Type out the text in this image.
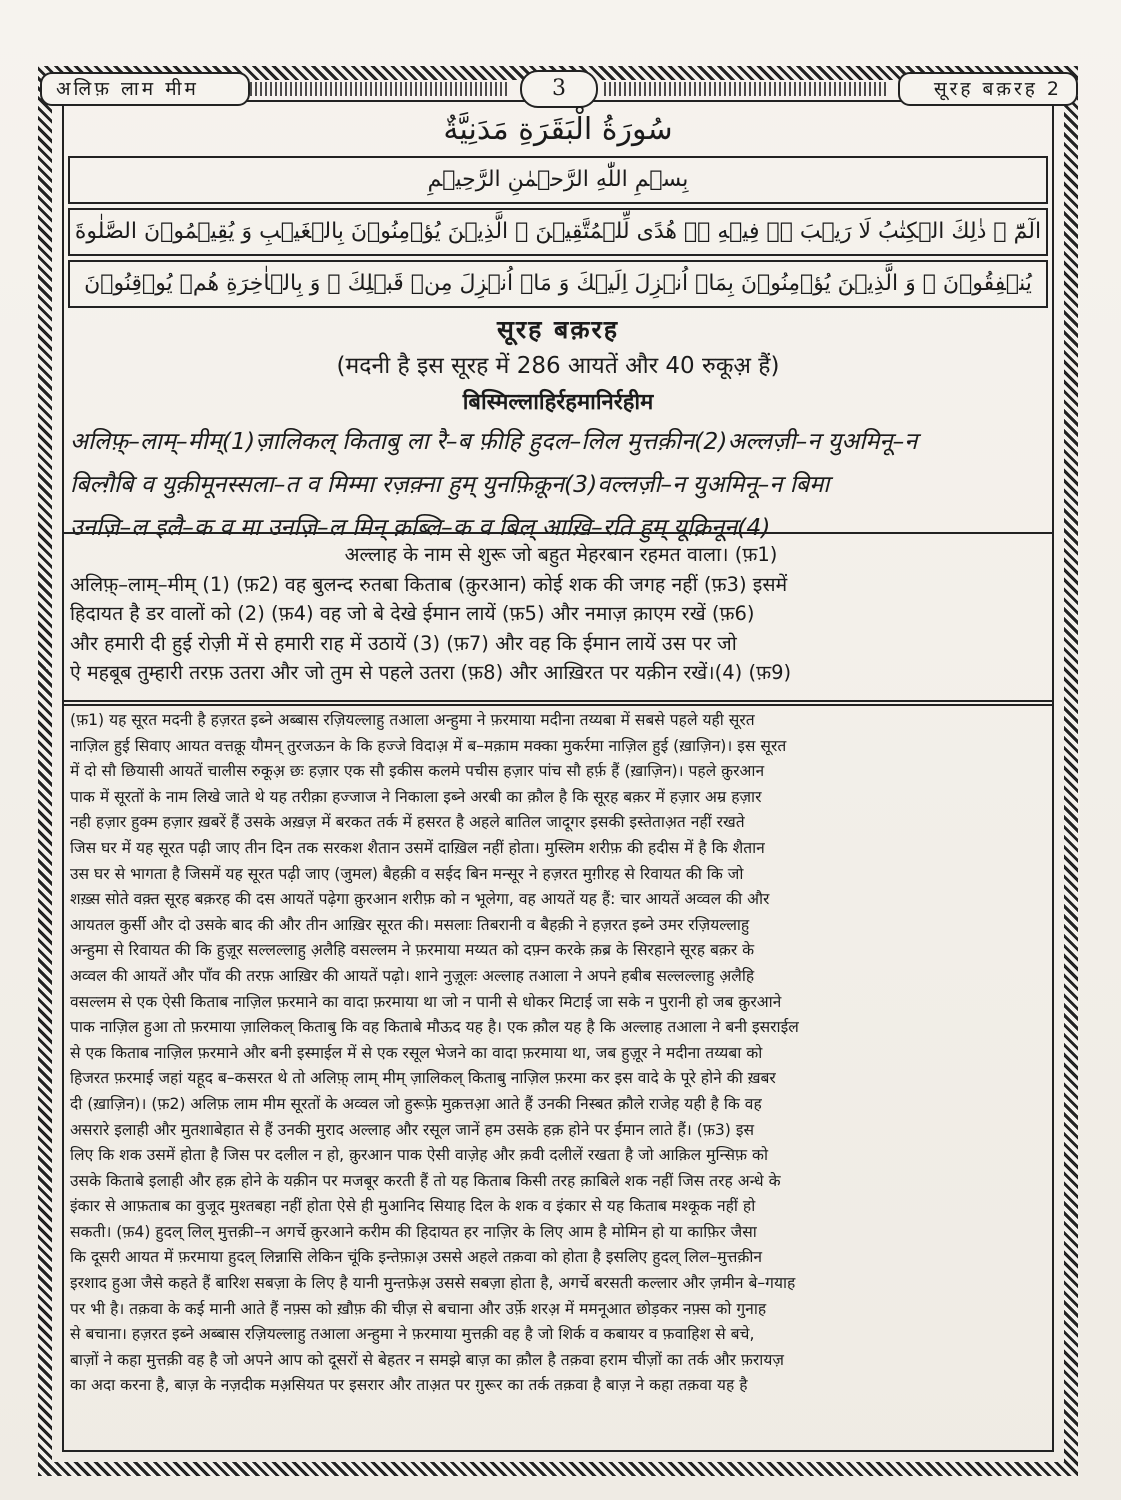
अलिफ़ लाम मीम	3	सूरह बक़रह 2
سُورَةُ الْبَقَرَةِ مَدَنِيَّةٌ
بِسۡمِ اللّٰهِ الرَّحۡمٰنِ الرَّحِیۡمِ
الٓمّٓ ۚ ذٰلِكَ الۡكِتٰبُ لَا رَیۡبَ ۛۚ فِیۡهِ ۛۚ هُدًی لِّلۡمُتَّقِیۡنَ ۙ الَّذِیۡنَ یُؤۡمِنُوۡنَ بِالۡغَیۡبِ وَ یُقِیۡمُوۡنَ الصَّلٰوةَ
یُنۡفِقُوۡنَ ۙ وَ الَّذِیۡنَ یُؤۡمِنُوۡنَ بِمَاۤ اُنۡزِلَ اِلَیۡكَ وَ مَاۤ اُنۡزِلَ مِنۡ قَبۡلِكَ ۚ وَ بِالۡاٰخِرَةِ هُمۡ یُوۡقِنُوۡنَ
सूरह बक़रह
(मदनी है इस सूरह में 286 आयतें और 40 रुकूअ़ हैं)
बिस्मिल्लाहिर्रहमानिर्रहीम
अलिफ़्–लाम्–मीम्(1)ज़ालिकल् किताबु ला रै–ब फ़ीहि हुदल–लिल मुत्तक़ीन(2)अल्लज़ी–न युअमिनू–न
बिल्ग़ैबि व युक़ीमूनस्सला–त व मिम्मा रज़क़्ना हुम् युनफ़िक़ून(3)वल्लज़ी–न युअमिनू–न बिमा
उनज़ि–ल इलै–क व मा उनज़ि–ल मिन् क़ब्लि–क व बिल् आख़ि–रति हुम् यूक़िनून(4)
अल्लाह के नाम से शुरू जो बहुत मेहरबान रहमत वाला। (फ़1)
अलिफ़्–लाम्–मीम् (1) (फ़2) वह बुलन्द रुतबा किताब (क़ुरआन) कोई शक की जगह नहीं (फ़3) इसमें
हिदायत है डर वालों को (2) (फ़4) वह जो बे देखे ईमान लायें (फ़5) और नमाज़ क़ाएम रखें (फ़6)
और हमारी दी हुई रोज़ी में से हमारी राह में उठायें (3) (फ़7) और वह कि ईमान लायें उस पर जो
ऐ महबूब तुम्हारी तरफ़ उतरा और जो तुम से पहले उतरा (फ़8) और आख़िरत पर यक़ीन रखें।(4) (फ़9)
(फ़1) यह सूरत मदनी है हज़रत इब्ने अब्बास रज़ियल्लाहु तआला अन्हुमा ने फ़रमाया मदीना तय्यबा में सबसे पहले यही सूरत
नाज़िल हुई सिवाए आयत वत्तक़ू यौमन् तुरजऊन के कि हज्जे विदाअ़ में ब–मक़ाम मक्का मुकर्रमा नाज़िल हुई (ख़ाज़िन)। इस सूरत
में दो सौ छियासी आयतें चालीस रुकूअ़ छः हज़ार एक सौ इकीस कलमे पचीस हज़ार पांच सौ हर्फ़ हैं (ख़ाज़िन)। पहले क़ुरआन
पाक में सूरतों के नाम लिखे जाते थे यह तरीक़ा हज्जाज ने निकाला इब्ने अरबी का क़ौल है कि सूरह बक़र में हज़ार अम्र हज़ार
नही हज़ार हुक्म हज़ार ख़बरें हैं उसके अख़ज़ में बरकत तर्क में हसरत है अहले बातिल जादूगर इसकी इस्तेताअ़त नहीं रखते
जिस घर में यह सूरत पढ़ी जाए तीन दिन तक सरकश शैतान उसमें दाख़िल नहीं होता। मुस्लिम शरीफ़ की हदीस में है कि शैतान
उस घर से भागता है जिसमें यह सूरत पढ़ी जाए (जुमल) बैहक़ी व सईद बिन मन्सूर ने हज़रत मुग़ीरह से रिवायत की कि जो
शख़्स सोते वक़्त सूरह बक़रह की दस आयतें पढ़ेगा क़ुरआन शरीफ़ को न भूलेगा, वह आयतें यह हैं: चार आयतें अव्वल की और
आयतल कुर्सी और दो उसके बाद की और तीन आख़िर सूरत की। मसलाः तिबरानी व बैहक़ी ने हज़रत इब्ने उमर रज़ियल्लाहु
अन्हुमा से रिवायत की कि हुज़ूर सल्लल्लाहु अ़लैहि वसल्लम ने फ़रमाया मय्यत को दफ़्न करके क़ब्र के सिरहाने सूरह बक़र के
अव्वल की आयतें और पाँव की तरफ़ आख़िर की आयतें पढ़ो। शाने नुज़ूलः अल्लाह तआला ने अपने हबीब सल्लल्लाहु अ़लैहि
वसल्लम से एक ऐसी किताब नाज़िल फ़रमाने का वादा फ़रमाया था जो न पानी से धोकर मिटाई जा सके न पुरानी हो जब क़ुरआने
पाक नाज़िल हुआ तो फ़रमाया ज़ालिकल् किताबु कि वह किताबे मौऊद यह है। एक क़ौल यह है कि अल्लाह तआला ने बनी इसराईल
से एक किताब नाज़िल फ़रमाने और बनी इस्माईल में से एक रसूल भेजने का वादा फ़रमाया था, जब हुज़ूर ने मदीना तय्यबा को
हिजरत फ़रमाई जहां यहूद ब–कसरत थे तो अलिफ़् लाम् मीम् ज़ालिकल् किताबु नाज़िल फ़रमा कर इस वादे के पूरे होने की ख़बर
दी (ख़ाज़िन)। (फ़2) अलिफ़ लाम मीम सूरतों के अव्वल जो हुरूफ़े मुक़त्तआ़ आते हैं उनकी निस्बत क़ौले राजेह यही है कि वह
असरारे इलाही और मुतशाबेहात से हैं उनकी मुराद अल्लाह और रसूल जानें हम उसके हक़ होने पर ईमान लाते हैं। (फ़3) इस
लिए कि शक उसमें होता है जिस पर दलील न हो, क़ुरआन पाक ऐसी वाज़ेह और क़वी दलीलें रखता है जो आक़िल मुन्सिफ़ को
उसके किताबे इलाही और हक़ होने के यक़ीन पर मजबूर करती हैं तो यह किताब किसी तरह क़ाबिले शक नहीं जिस तरह अन्धे के
इंकार से आफ़ताब का वुजूद मुश्तबहा नहीं होता ऐसे ही मुआनिद सियाह दिल के शक व इंकार से यह किताब मश्कूक नहीं हो
सकती। (फ़4) हुदल् लिल् मुत्तक़ी–न अगर्चे क़ुरआने करीम की हिदायत हर नाज़िर के लिए आम है मोमिन हो या काफ़िर जैसा
कि दूसरी आयत में फ़रमाया हुदल् लिन्नासि लेकिन चूंकि इन्तेफ़ाअ़ उससे अहले तक़वा को होता है इसलिए हुदल् लिल–मुत्तक़ीन
इरशाद हुआ जैसे कहते हैं बारिश सबज़ा के लिए है यानी मुन्तफ़ेअ़ उससे सबज़ा होता है, अगर्चे बरसती कल्लार और ज़मीन बे–गयाह
पर भी है। तक़वा के कई मानी आते हैं नफ़्स को ख़ौफ़ की चीज़ से बचाना और उर्फ़े शरअ़ में ममनूआत छोड़कर नफ़्स को गुनाह
से बचाना। हज़रत इब्ने अब्बास रज़ियल्लाहु तआला अन्हुमा ने फ़रमाया मुत्तक़ी वह है जो शिर्क व कबायर व फ़वाहिश से बचे,
बाज़ों ने कहा मुत्तक़ी वह है जो अपने आप को दूसरों से बेहतर न समझे बाज़ का क़ौल है तक़वा हराम चीज़ों का तर्क और फ़रायज़
का अदा करना है, बाज़ के नज़दीक मअ़सियत पर इसरार और ताअ़त पर ग़ुरूर का तर्क तक़वा है बाज़ ने कहा तक़वा यह है
